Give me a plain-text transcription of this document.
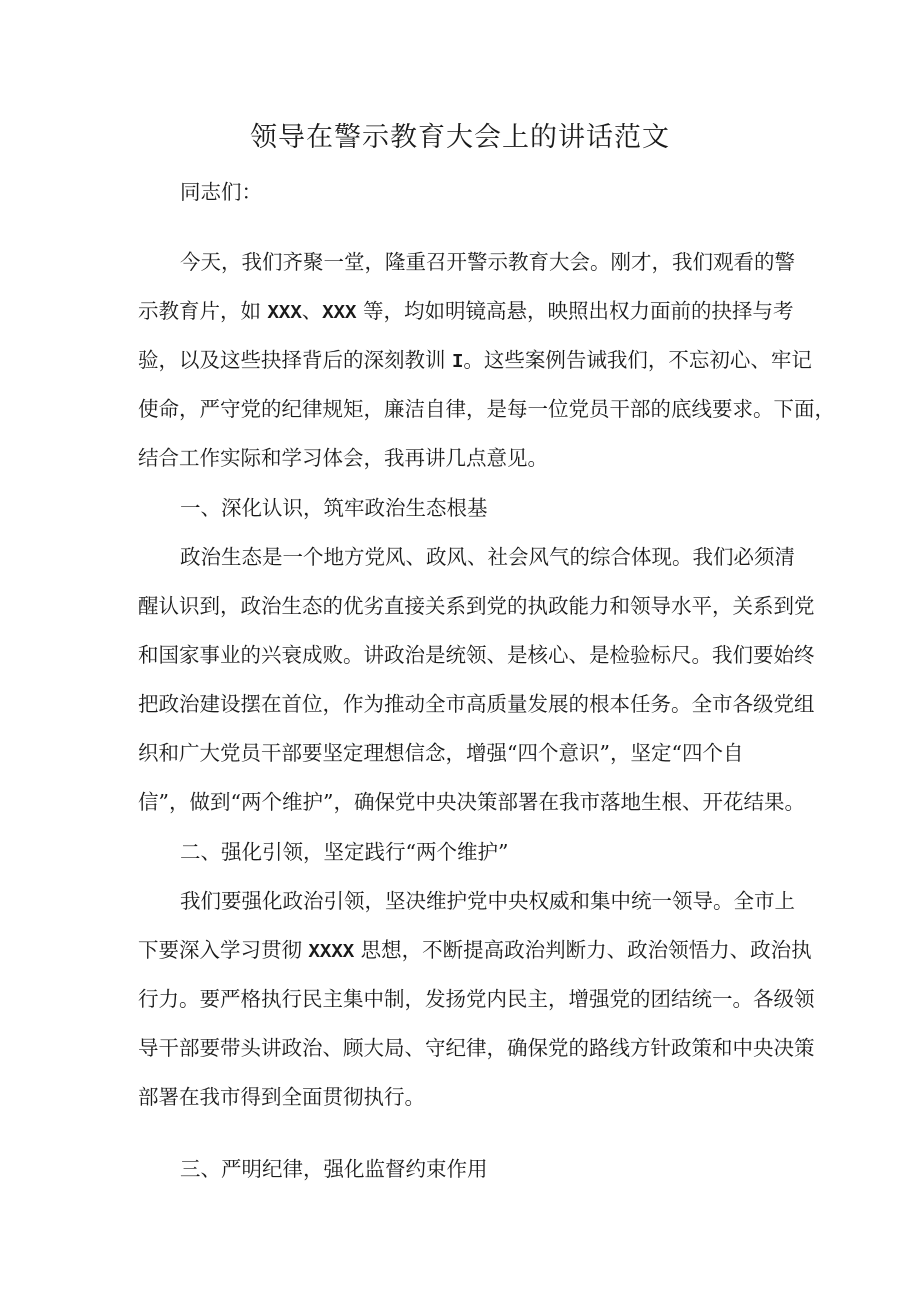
领导在警示教育大会上的讲话范文

同志们：

今天，我们齐聚一堂，隆重召开警示教育大会。刚才，我们观看的警

示教育片，如 XXX、XXX 等，均如明镜高悬，映照出权力面前的抉择与考

验，以及这些抉择背后的深刻教训 I。这些案例告诫我们，不忘初心、牢记

使命，严守党的纪律规矩，廉洁自律，是每一位党员干部的底线要求。下面，

结合工作实际和学习体会，我再讲几点意见。

一、深化认识，筑牢政治生态根基

政治生态是一个地方党风、政风、社会风气的综合体现。我们必须清

醒认识到，政治生态的优劣直接关系到党的执政能力和领导水平，关系到党

和国家事业的兴衰成败。讲政治是统领、是核心、是检验标尺。我们要始终

把政治建设摆在首位，作为推动全市高质量发展的根本任务。全市各级党组

织和广大党员干部要坚定理想信念，增强“四个意识”，坚定“四个自

信”，做到“两个维护”，确保党中央决策部署在我市落地生根、开花结果。

二、强化引领，坚定践行“两个维护”

我们要强化政治引领，坚决维护党中央权威和集中统一领导。全市上

下要深入学习贯彻 XXXX 思想，不断提高政治判断力、政治领悟力、政治执

行力。要严格执行民主集中制，发扬党内民主，增强党的团结统一。各级领

导干部要带头讲政治、顾大局、守纪律，确保党的路线方针政策和中央决策

部署在我市得到全面贯彻执行。

三、严明纪律，强化监督约束作用
